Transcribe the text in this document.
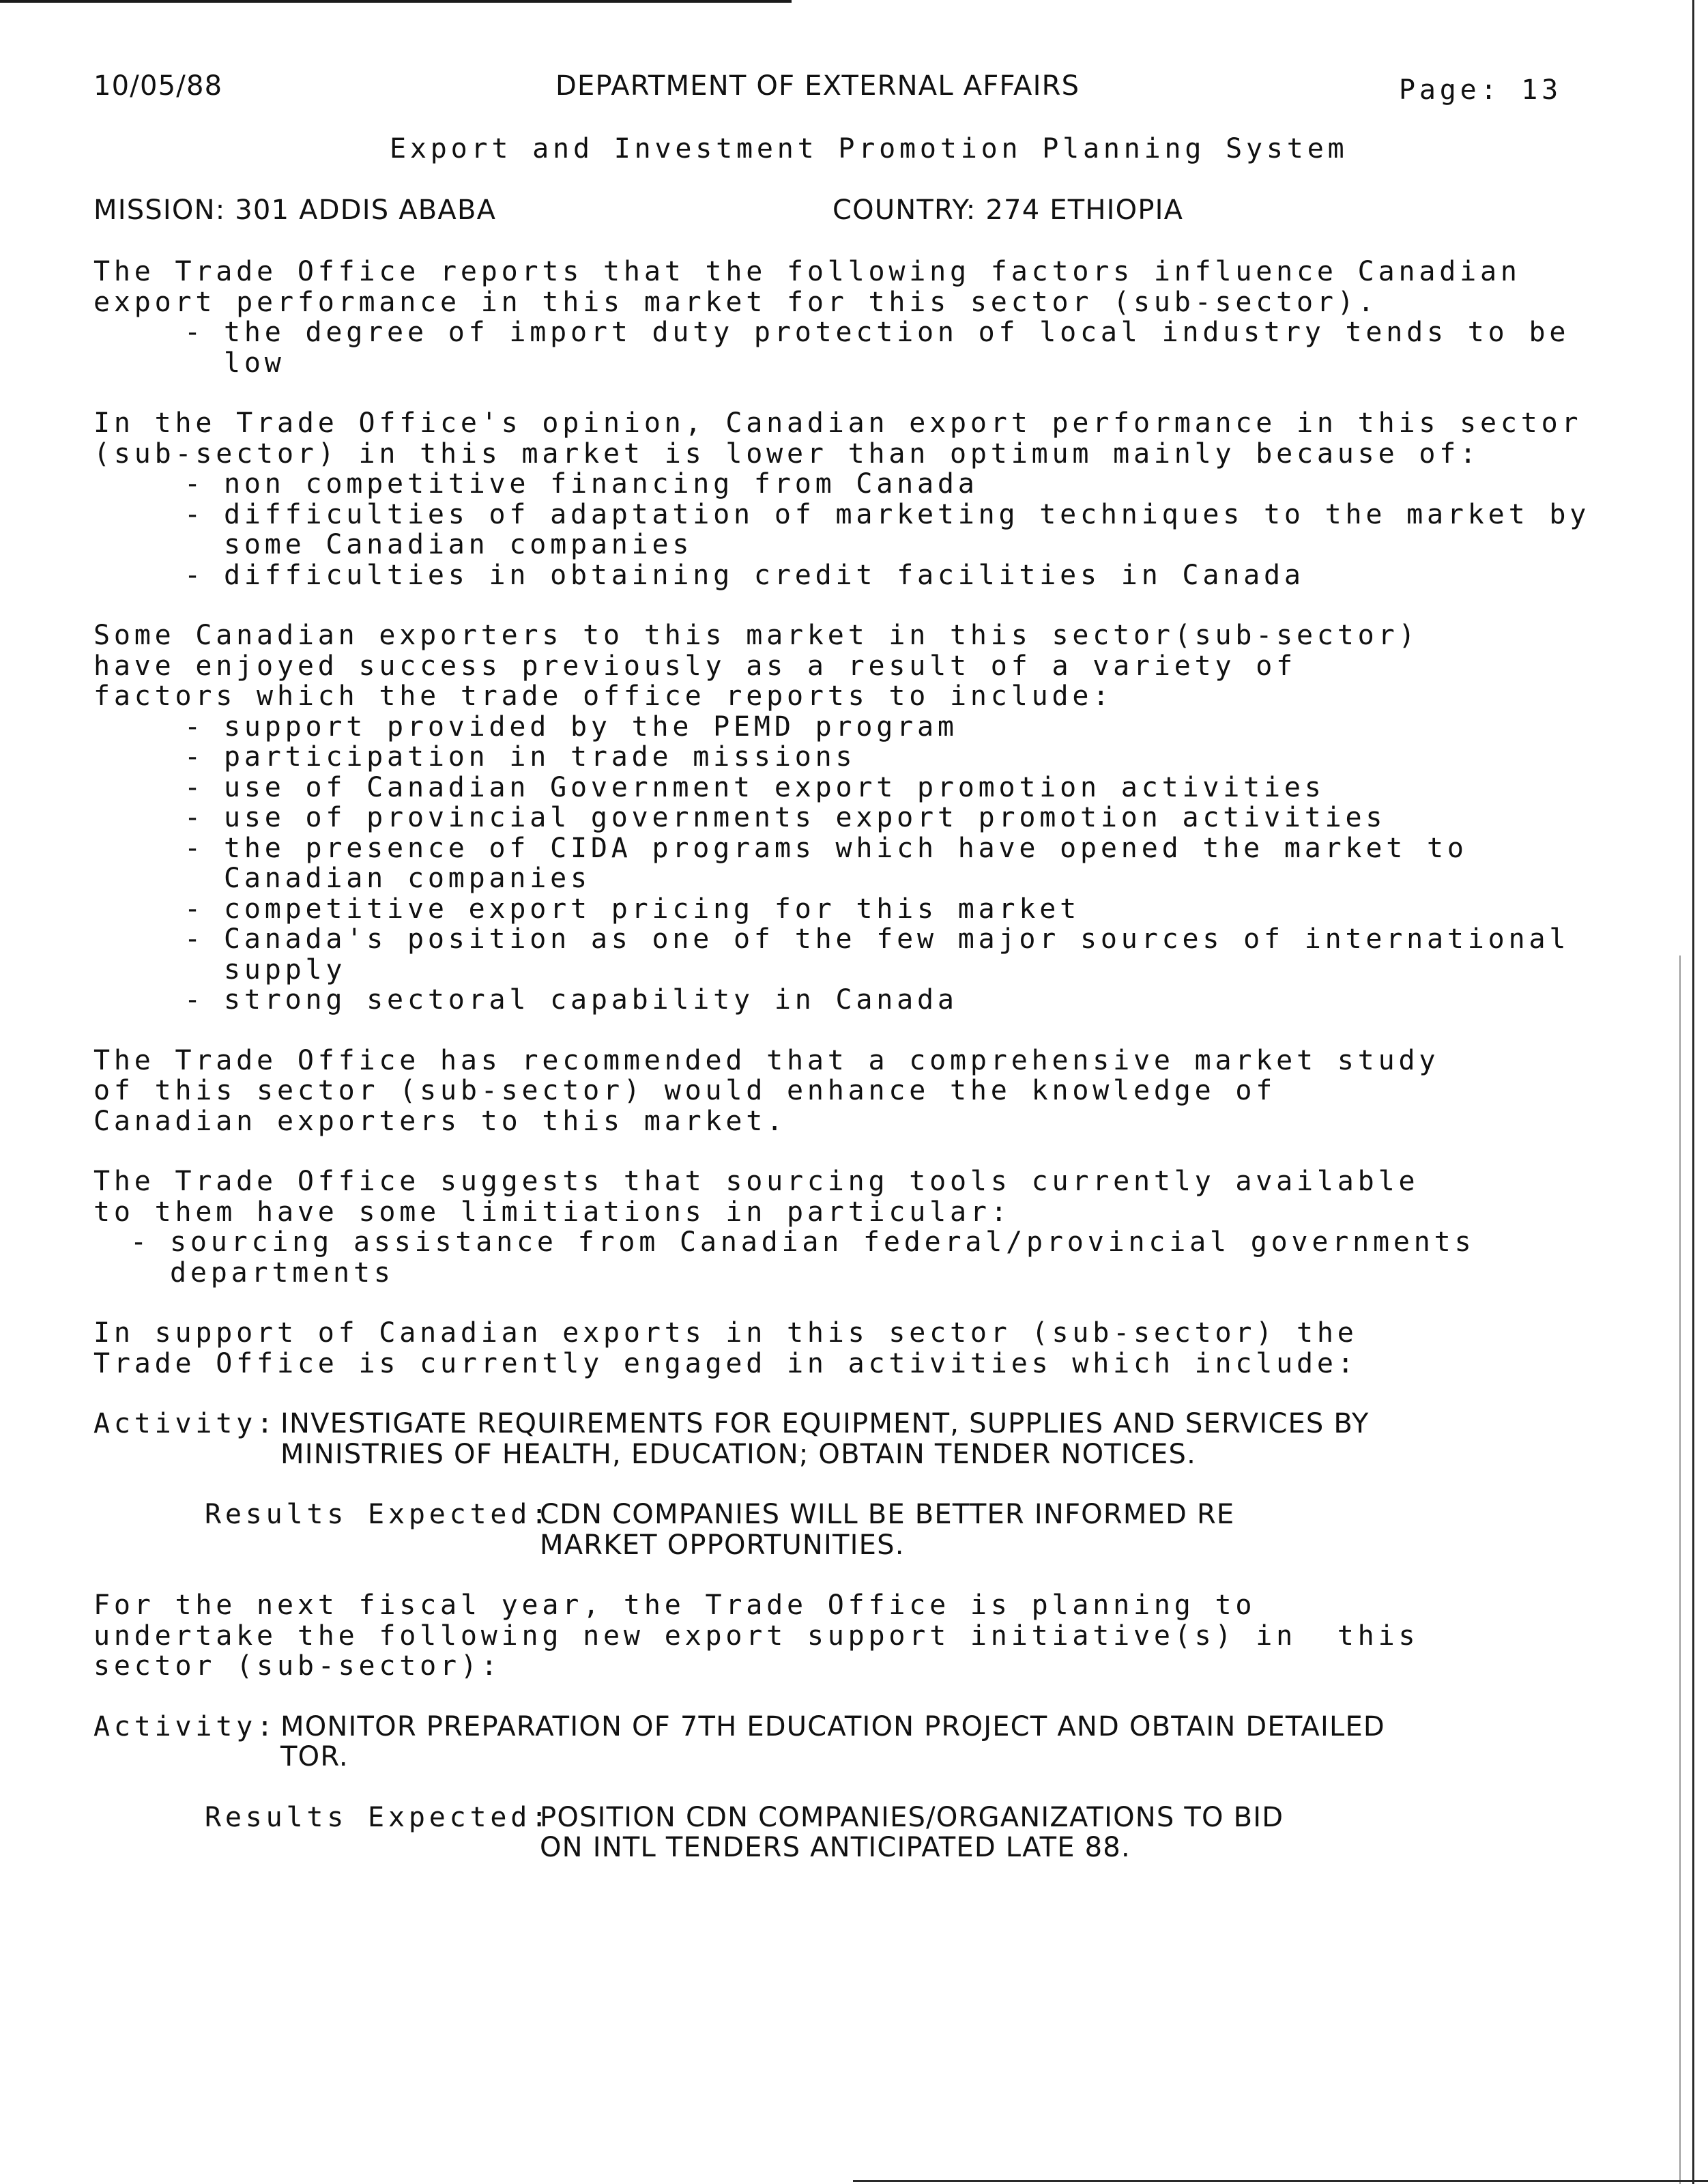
10/05/88	DEPARTMENT OF EXTERNAL AFFAIRS	Page: 13
Export and Investment Promotion Planning System
MISSION: 301 ADDIS ABABA	COUNTRY: 274 ETHIOPIA
The Trade Office reports that the following factors influence Canadian
export performance in this market for this sector (sub-sector).
- the degree of import duty protection of local industry tends to be
low
In the Trade Office's opinion, Canadian export performance in this sector
(sub-sector) in this market is lower than optimum mainly because of:
- non competitive financing from Canada
- difficulties of adaptation of marketing techniques to the market by
some Canadian companies
- difficulties in obtaining credit facilities in Canada
Some Canadian exporters to this market in this sector(sub-sector)
have enjoyed success previously as a result of a variety of
factors which the trade office reports to include:
- support provided by the PEMD program
- participation in trade missions
- use of Canadian Government export promotion activities
- use of provincial governments export promotion activities
- the presence of CIDA programs which have opened the market to
Canadian companies
- competitive export pricing for this market
- Canada's position as one of the few major sources of international
supply
- strong sectoral capability in Canada
The Trade Office has recommended that a comprehensive market study
of this sector (sub-sector) would enhance the knowledge of
Canadian exporters to this market.
The Trade Office suggests that sourcing tools currently available
to them have some limitiations in particular:
- sourcing assistance from Canadian federal/provincial governments
departments
In support of Canadian exports in this sector (sub-sector) the
Trade Office is currently engaged in activities which include:
Activity: INVESTIGATE REQUIREMENTS FOR EQUIPMENT, SUPPLIES AND SERVICES BY
MINISTRIES OF HEALTH, EDUCATION; OBTAIN TENDER NOTICES.
Results Expected:
CDN COMPANIES WILL BE BETTER INFORMED RE
MARKET OPPORTUNITIES.
For the next fiscal year, the Trade Office is planning to
undertake the following new export support initiative(s) in  this
sector (sub-sector):
Activity: MONITOR PREPARATION OF 7TH EDUCATION PROJECT AND OBTAIN DETAILED
TOR.
Results Expected:
POSITION CDN COMPANIES/ORGANIZATIONS TO BID
ON INTL TENDERS ANTICIPATED LATE 88.
